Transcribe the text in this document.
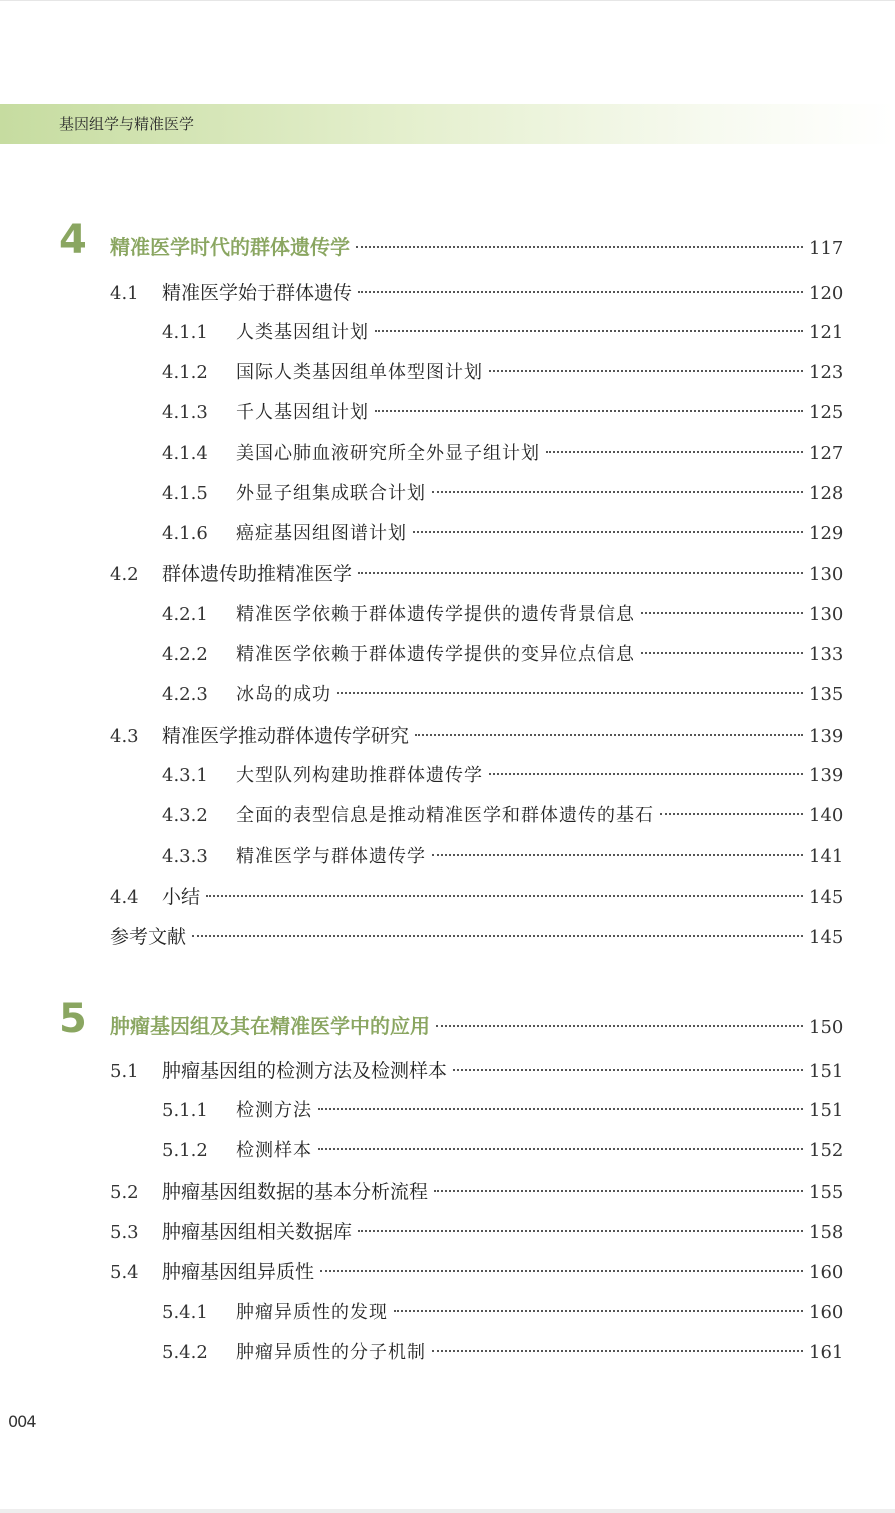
基因组学与精准医学
4 精准医学时代的群体遗传学	117
4.1 精准医学始于群体遗传	120
4.1.1 人类基因组计划	121
4.1.2 国际人类基因组单体型图计划	123
4.1.3 千人基因组计划	125
4.1.4 美国心肺血液研究所全外显子组计划	127
4.1.5 外显子组集成联合计划	128
4.1.6 癌症基因组图谱计划	129
4.2 群体遗传助推精准医学	130
4.2.1 精准医学依赖于群体遗传学提供的遗传背景信息	130
4.2.2 精准医学依赖于群体遗传学提供的变异位点信息	133
4.2.3 冰岛的成功	135
4.3 精准医学推动群体遗传学研究	139
4.3.1 大型队列构建助推群体遗传学	139
4.3.2 全面的表型信息是推动精准医学和群体遗传的基石	140
4.3.3 精准医学与群体遗传学	141
4.4 小结	145
参考文献	145
5 肿瘤基因组及其在精准医学中的应用	150
5.1 肿瘤基因组的检测方法及检测样本	151
5.1.1 检测方法	151
5.1.2 检测样本	152
5.2 肿瘤基因组数据的基本分析流程	155
5.3 肿瘤基因组相关数据库	158
5.4 肿瘤基因组异质性	160
5.4.1 肿瘤异质性的发现	160
5.4.2 肿瘤异质性的分子机制	161
004
